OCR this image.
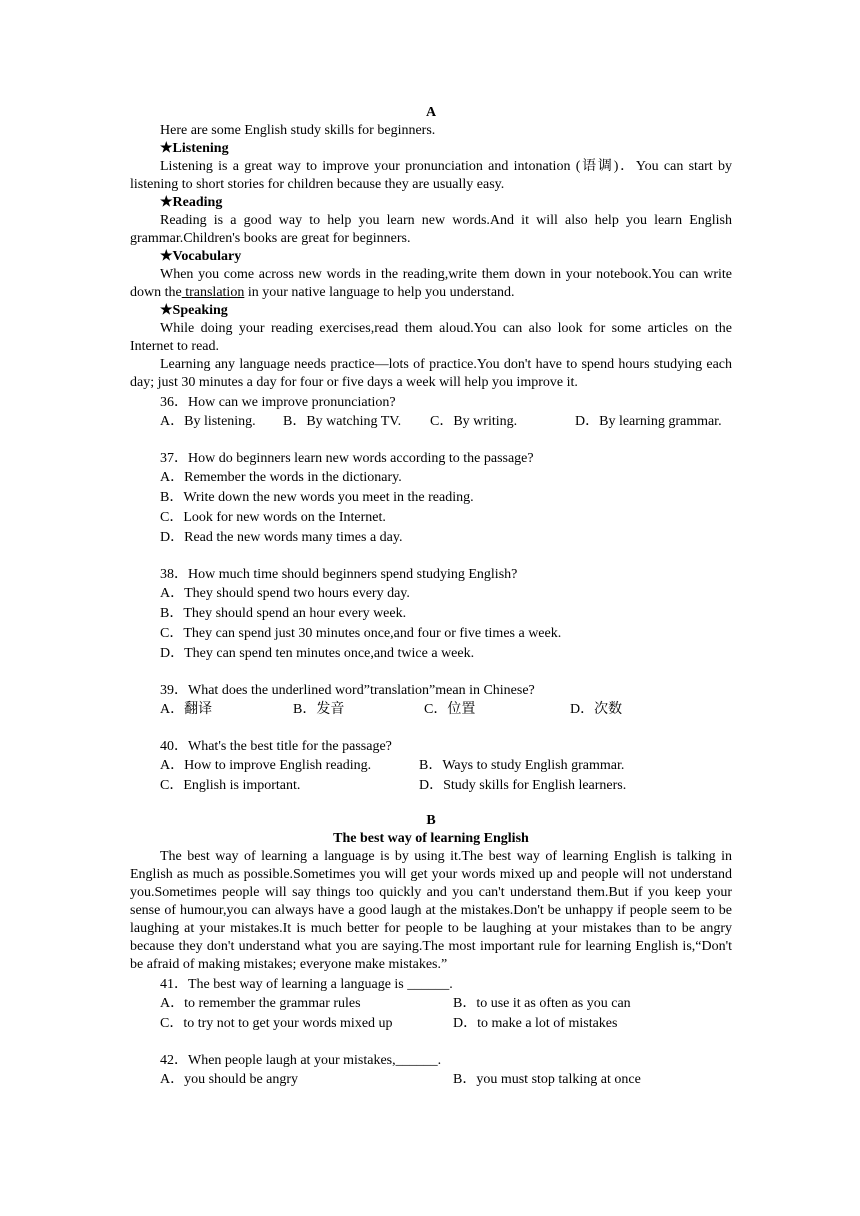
A
Here are some English study skills for beginners.
★Listening
Listening is a great way to improve your pronunciation and intonation (语调)．You can start by listening to short stories for children because they are usually easy.
★Reading
Reading is a good way to help you learn new words.And it will also help you learn English grammar.Children's books are great for beginners.
★Vocabulary
When you come across new words in the reading,write them down in your notebook.You can write down the translation in your native language to help you understand.
★Speaking
While doing your reading exercises,read them aloud.You can also look for some articles on the Internet to read.
Learning any language needs practice—lots of practice.You don't have to spend hours studying each day; just 30 minutes a day for four or five days a week will help you improve it.
36．How can we improve pronunciation?
A．By listening.	B．By watching TV.	C．By writing.	D．By learning grammar.
37．How do beginners learn new words according to the passage?
A．Remember the words in the dictionary.
B．Write down the new words you meet in the reading.
C．Look for new words on the Internet.
D．Read the new words many times a day.
38．How much time should beginners spend studying English?
A．They should spend two hours every day.
B．They should spend an hour every week.
C．They can spend just 30 minutes once,and four or five times a week.
D．They can spend ten minutes once,and twice a week.
39．What does the underlined word”translation”mean in Chinese?
A．翻译	B．发音	C．位置	D．次数
40．What's the best title for the passage?
A．How to improve English reading.	B．Ways to study English grammar.
C．English is important.	D．Study skills for English learners.
B
The best way of learning English
The best way of learning a language is by using it.The best way of learning English is talking in English as much as possible.Sometimes you will get your words mixed up and people will not understand you.Sometimes people will say things too quickly and you can't understand them.But if you keep your sense of humour,you can always have a good laugh at the mistakes.Don't be unhappy if people seem to be laughing at your mistakes.It is much better for people to be laughing at your mistakes than to be angry because they don't understand what you are saying.The most important rule for learning English is,“Don't be afraid of making mistakes; everyone make mistakes.”
41．The best way of learning a language is ______.
A．to remember the grammar rules	B．to use it as often as you can
C．to try not to get your words mixed up	D．to make a lot of mistakes
42．When people laugh at your mistakes,______.
A．you should be angry	B．you must stop talking at once
